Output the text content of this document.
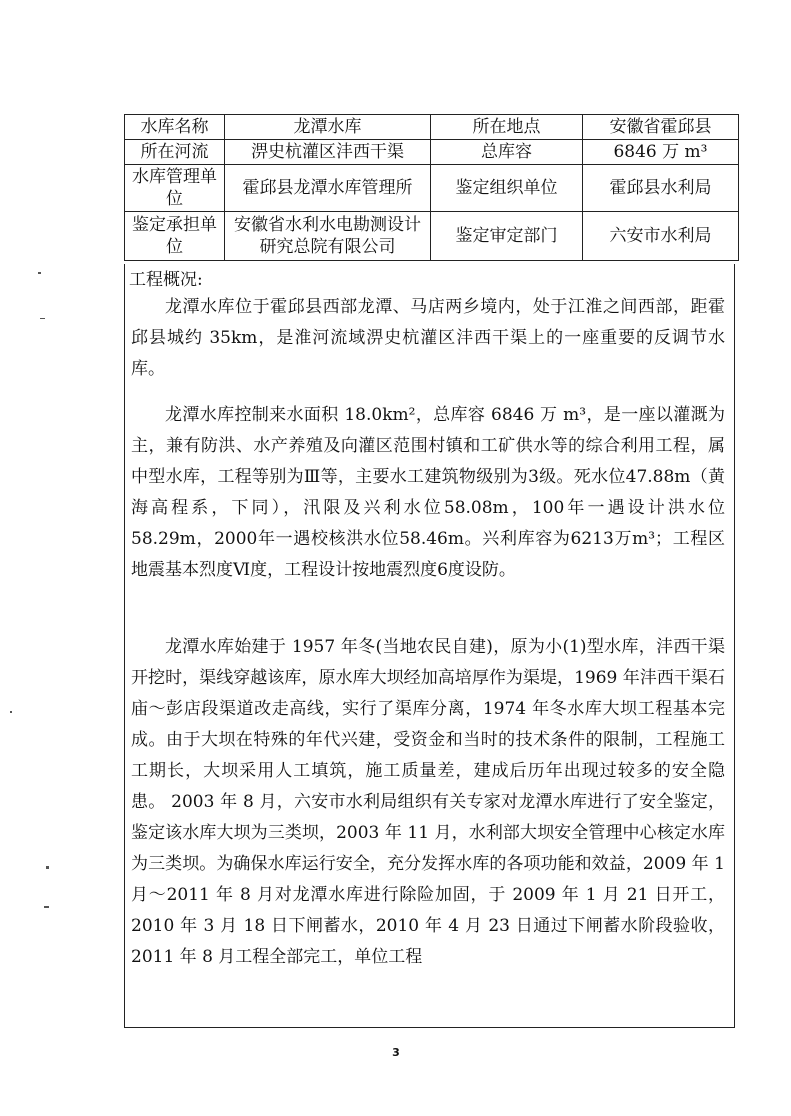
水库名称	龙潭水库	所在地点	安徽省霍邱县
所在河流	淠史杭灌区沣西干渠	总库容	6846 万 m³
水库管理单位	霍邱县龙潭水库管理所	鉴定组织单位	霍邱县水利局
鉴定承担单位	安徽省水利水电勘测设计研究总院有限公司	鉴定审定部门	六安市水利局
工程概况:

龙潭水库位于霍邱县西部龙潭、马店两乡境内，处于江淮之间西部，距霍邱县城约 35km，是淮河流域淠史杭灌区沣西干渠上的一座重要的反调节水库。

龙潭水库控制来水面积 18.0km²，总库容 6846 万 m³，是一座以灌溉为主，兼有防洪、水产养殖及向灌区范围村镇和工矿供水等的综合利用工程，属中型水库，工程等别为Ⅲ等，主要水工建筑物级别为3级。死水位47.88m（黄海高程系，下同），汛限及兴利水位58.08m，100年一遇设计洪水位58.29m，2000年一遇校核洪水位58.46m。兴利库容为6213万m³；工程区地震基本烈度Ⅵ度，工程设计按地震烈度6度设防。

龙潭水库始建于 1957 年冬(当地农民自建)，原为小(1)型水库，沣西干渠开挖时，渠线穿越该库，原水库大坝经加高培厚作为渠堤，1969 年沣西干渠石庙～彭店段渠道改走高线，实行了渠库分离，1974 年冬水库大坝工程基本完成。由于大坝在特殊的年代兴建，受资金和当时的技术条件的限制，工程施工工期长，大坝采用人工填筑，施工质量差，建成后历年出现过较多的安全隐患。 2003 年 8 月，六安市水利局组织有关专家对龙潭水库进行了安全鉴定，鉴定该水库大坝为三类坝，2003 年 11 月，水利部大坝安全管理中心核定水库为三类坝。为确保水库运行安全，充分发挥水库的各项功能和效益，2009 年 1 月～2011 年 8 月对龙潭水库进行除险加固，于 2009 年 1 月 21 日开工，2010 年 3 月 18 日下闸蓄水，2010 年 4 月 23 日通过下闸蓄水阶段验收，2011 年 8 月工程全部完工，单位工程

3
